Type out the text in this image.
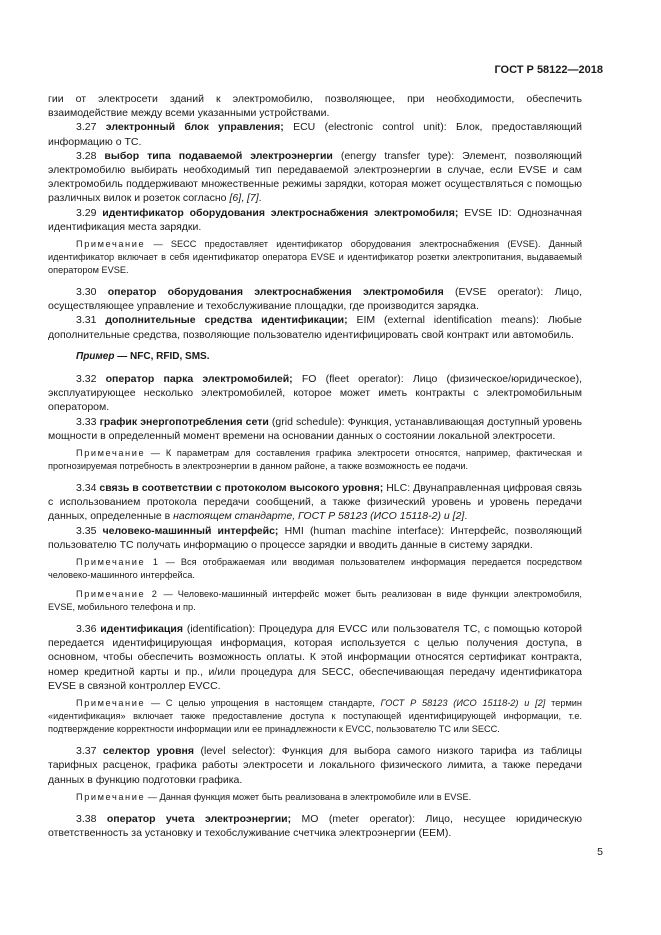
ГОСТ Р 58122—2018

гии от электросети зданий к электромобилю, позволяющее, при необходимости, обеспечить взаимодействие между всеми указанными устройствами.

3.27 электронный блок управления; ECU (electronic control unit): Блок, предоставляющий информацию о ТС.

3.28 выбор типа подаваемой электроэнергии (energy transfer type): Элемент, позволяющий электромобилю выбирать необходимый тип передаваемой электроэнергии в случае, если EVSE и сам электромобиль поддерживают множественные режимы зарядки, которая может осуществляться с помощью различных вилок и розеток согласно [6], [7].

3.29 идентификатор оборудования электроснабжения электромобиля; EVSE ID: Однозначная идентификация места зарядки.

Примечание — SECC предоставляет идентификатор оборудования электроснабжения (EVSE). Данный идентификатор включает в себя идентификатор оператора EVSE и идентификатор розетки электропитания, выдаваемый оператором EVSE.

3.30 оператор оборудования электроснабжения электромобиля (EVSE operator): Лицо, осуществляющее управление и техобслуживание площадки, где производится зарядка.

3.31 дополнительные средства идентификации; EIM (external identification means): Любые дополнительные средства, позволяющие пользователю идентифицировать свой контракт или автомобиль.

Пример — NFC, RFID, SMS.

3.32 оператор парка электромобилей; FO (fleet operator): Лицо (физическое/юридическое), эксплуатирующее несколько электромобилей, которое может иметь контракты с электромобильным оператором.

3.33 график энергопотребления сети (grid schedule): Функция, устанавливающая доступный уровень мощности в определенный момент времени на основании данных о состоянии локальной электросети.

Примечание — К параметрам для составления графика электросети относятся, например, фактическая и прогнозируемая потребность в электроэнергии в данном районе, а также возможность ее подачи.

3.34 связь в соответствии с протоколом высокого уровня; HLC: Двунаправленная цифровая связь с использованием протокола передачи сообщений, а также физический уровень и уровень передачи данных, определенные в настоящем стандарте, ГОСТ Р 58123 (ИСО 15118-2) и [2].

3.35 человеко-машинный интерфейс; HMI (human machine interface): Интерфейс, позволяющий пользователю ТС получать информацию о процессе зарядки и вводить данные в систему зарядки.

Примечание 1 — Вся отображаемая или вводимая пользователем информация передается посредством человеко-машинного интерфейса.

Примечание 2 — Человеко-машинный интерфейс может быть реализован в виде функции электромобиля, EVSE, мобильного телефона и пр.

3.36 идентификация (identification): Процедура для EVCC или пользователя ТС, с помощью которой передается идентифицирующая информация, которая используется с целью получения доступа, в основном, чтобы обеспечить возможность оплаты. К этой информации относятся сертификат контракта, номер кредитной карты и пр., и/или процедура для SECC, обеспечивающая передачу идентификатора EVSE в связной контроллер EVCC.

Примечание — С целью упрощения в настоящем стандарте, ГОСТ Р 58123 (ИСО 15118-2) и [2] термин «идентификация» включает также предоставление доступа к поступающей идентифицирующей информации, т.е. подтверждение корректности информации или ее принадлежности к EVCC, пользователю ТС или SECC.

3.37 селектор уровня (level selector): Функция для выбора самого низкого тарифа из таблицы тарифных расценок, графика работы электросети и локального физического лимита, а также передачи данных в функцию подготовки графика.

Примечание — Данная функция может быть реализована в электромобиле или в EVSE.

3.38 оператор учета электроэнергии; MO (meter operator): Лицо, несущее юридическую ответственность за установку и техобслуживание счетчика электроэнергии (EEM).

5
